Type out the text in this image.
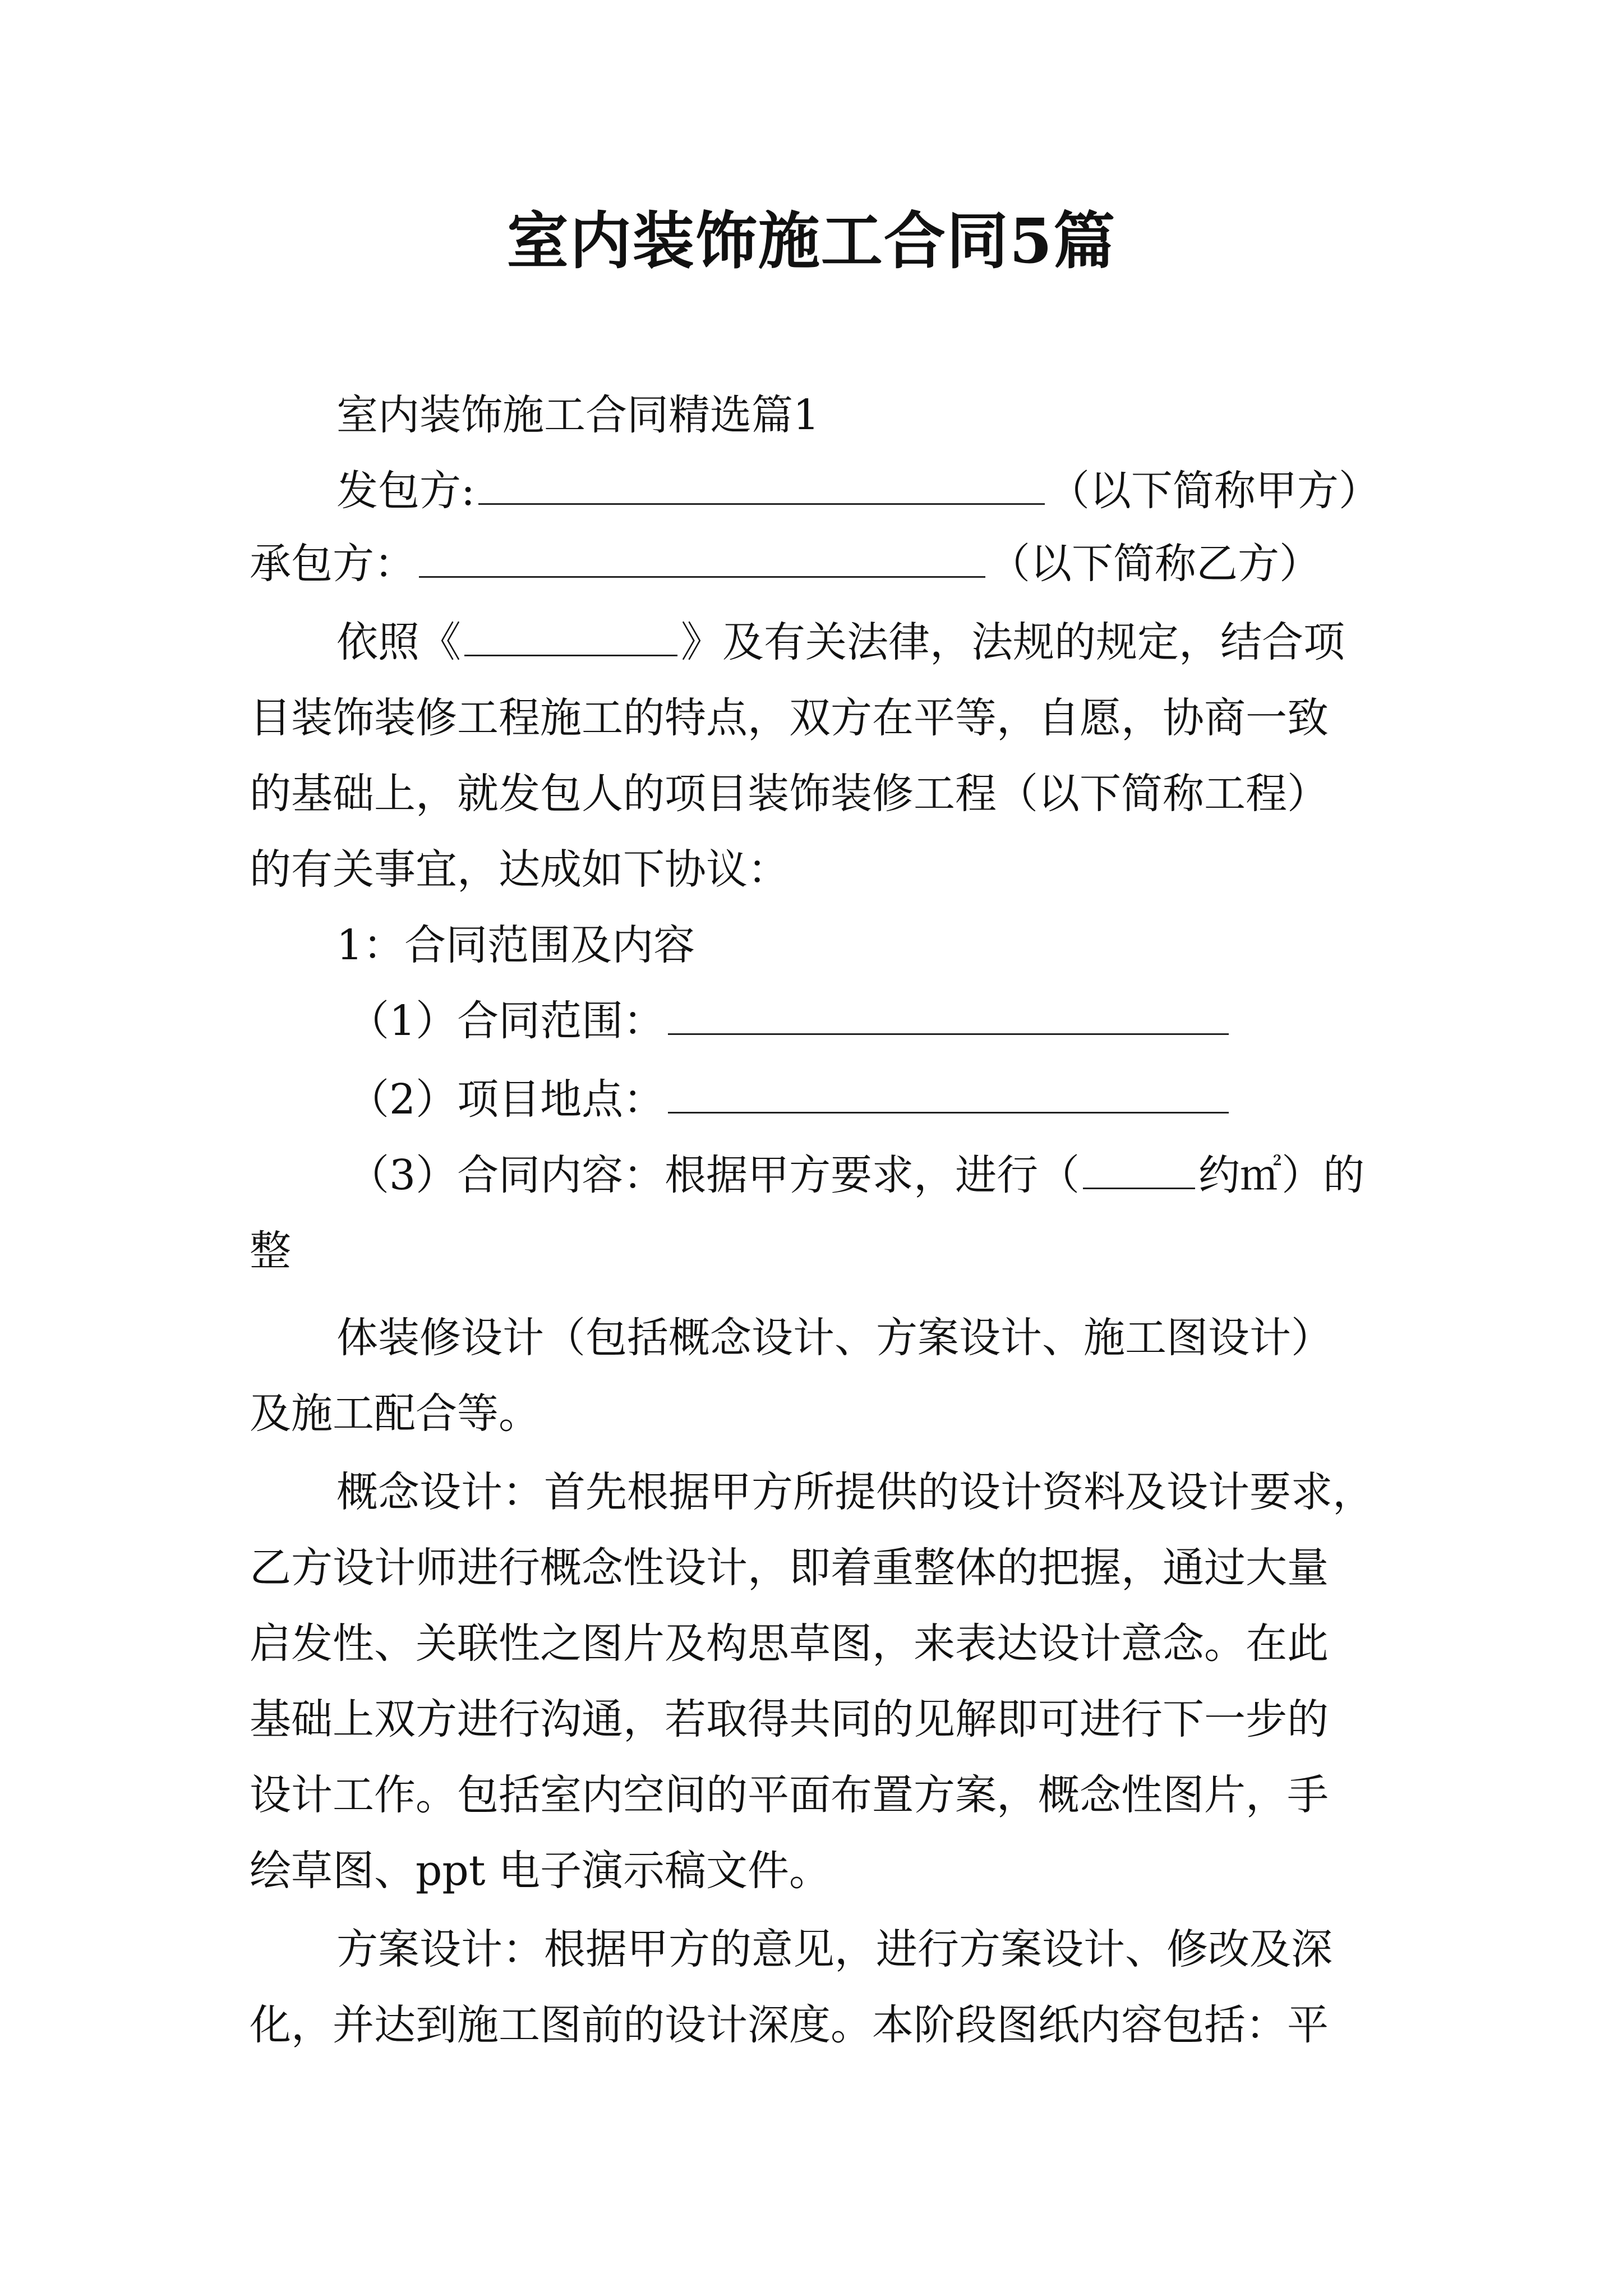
室内装饰施工合同5篇
室内装饰施工合同精选篇1
发包方:	（以下简称甲方）
承包方：	（以下简称乙方）
依照《	》及有关法律，法规的规定，结合项
目装饰装修工程施工的特点，双方在平等，自愿，协商一致
的基础上，就发包人的项目装饰装修工程（以下简称工程）
的有关事宜，达成如下协议：
1：合同范围及内容
（1）合同范围：
（2）项目地点：
（3）合同内容：根据甲方要求，进行（	约㎡）的
整
体装修设计（包括概念设计、方案设计、施工图设计）
及施工配合等。
概念设计：首先根据甲方所提供的设计资料及设计要求，
乙方设计师进行概念性设计，即着重整体的把握，通过大量
启发性、关联性之图片及构思草图，来表达设计意念。在此
基础上双方进行沟通，若取得共同的见解即可进行下一步的
设计工作。包括室内空间的平面布置方案，概念性图片，手
绘草图、ppt 电子演示稿文件。
方案设计：根据甲方的意见，进行方案设计、修改及深
化，并达到施工图前的设计深度。本阶段图纸内容包括：平
